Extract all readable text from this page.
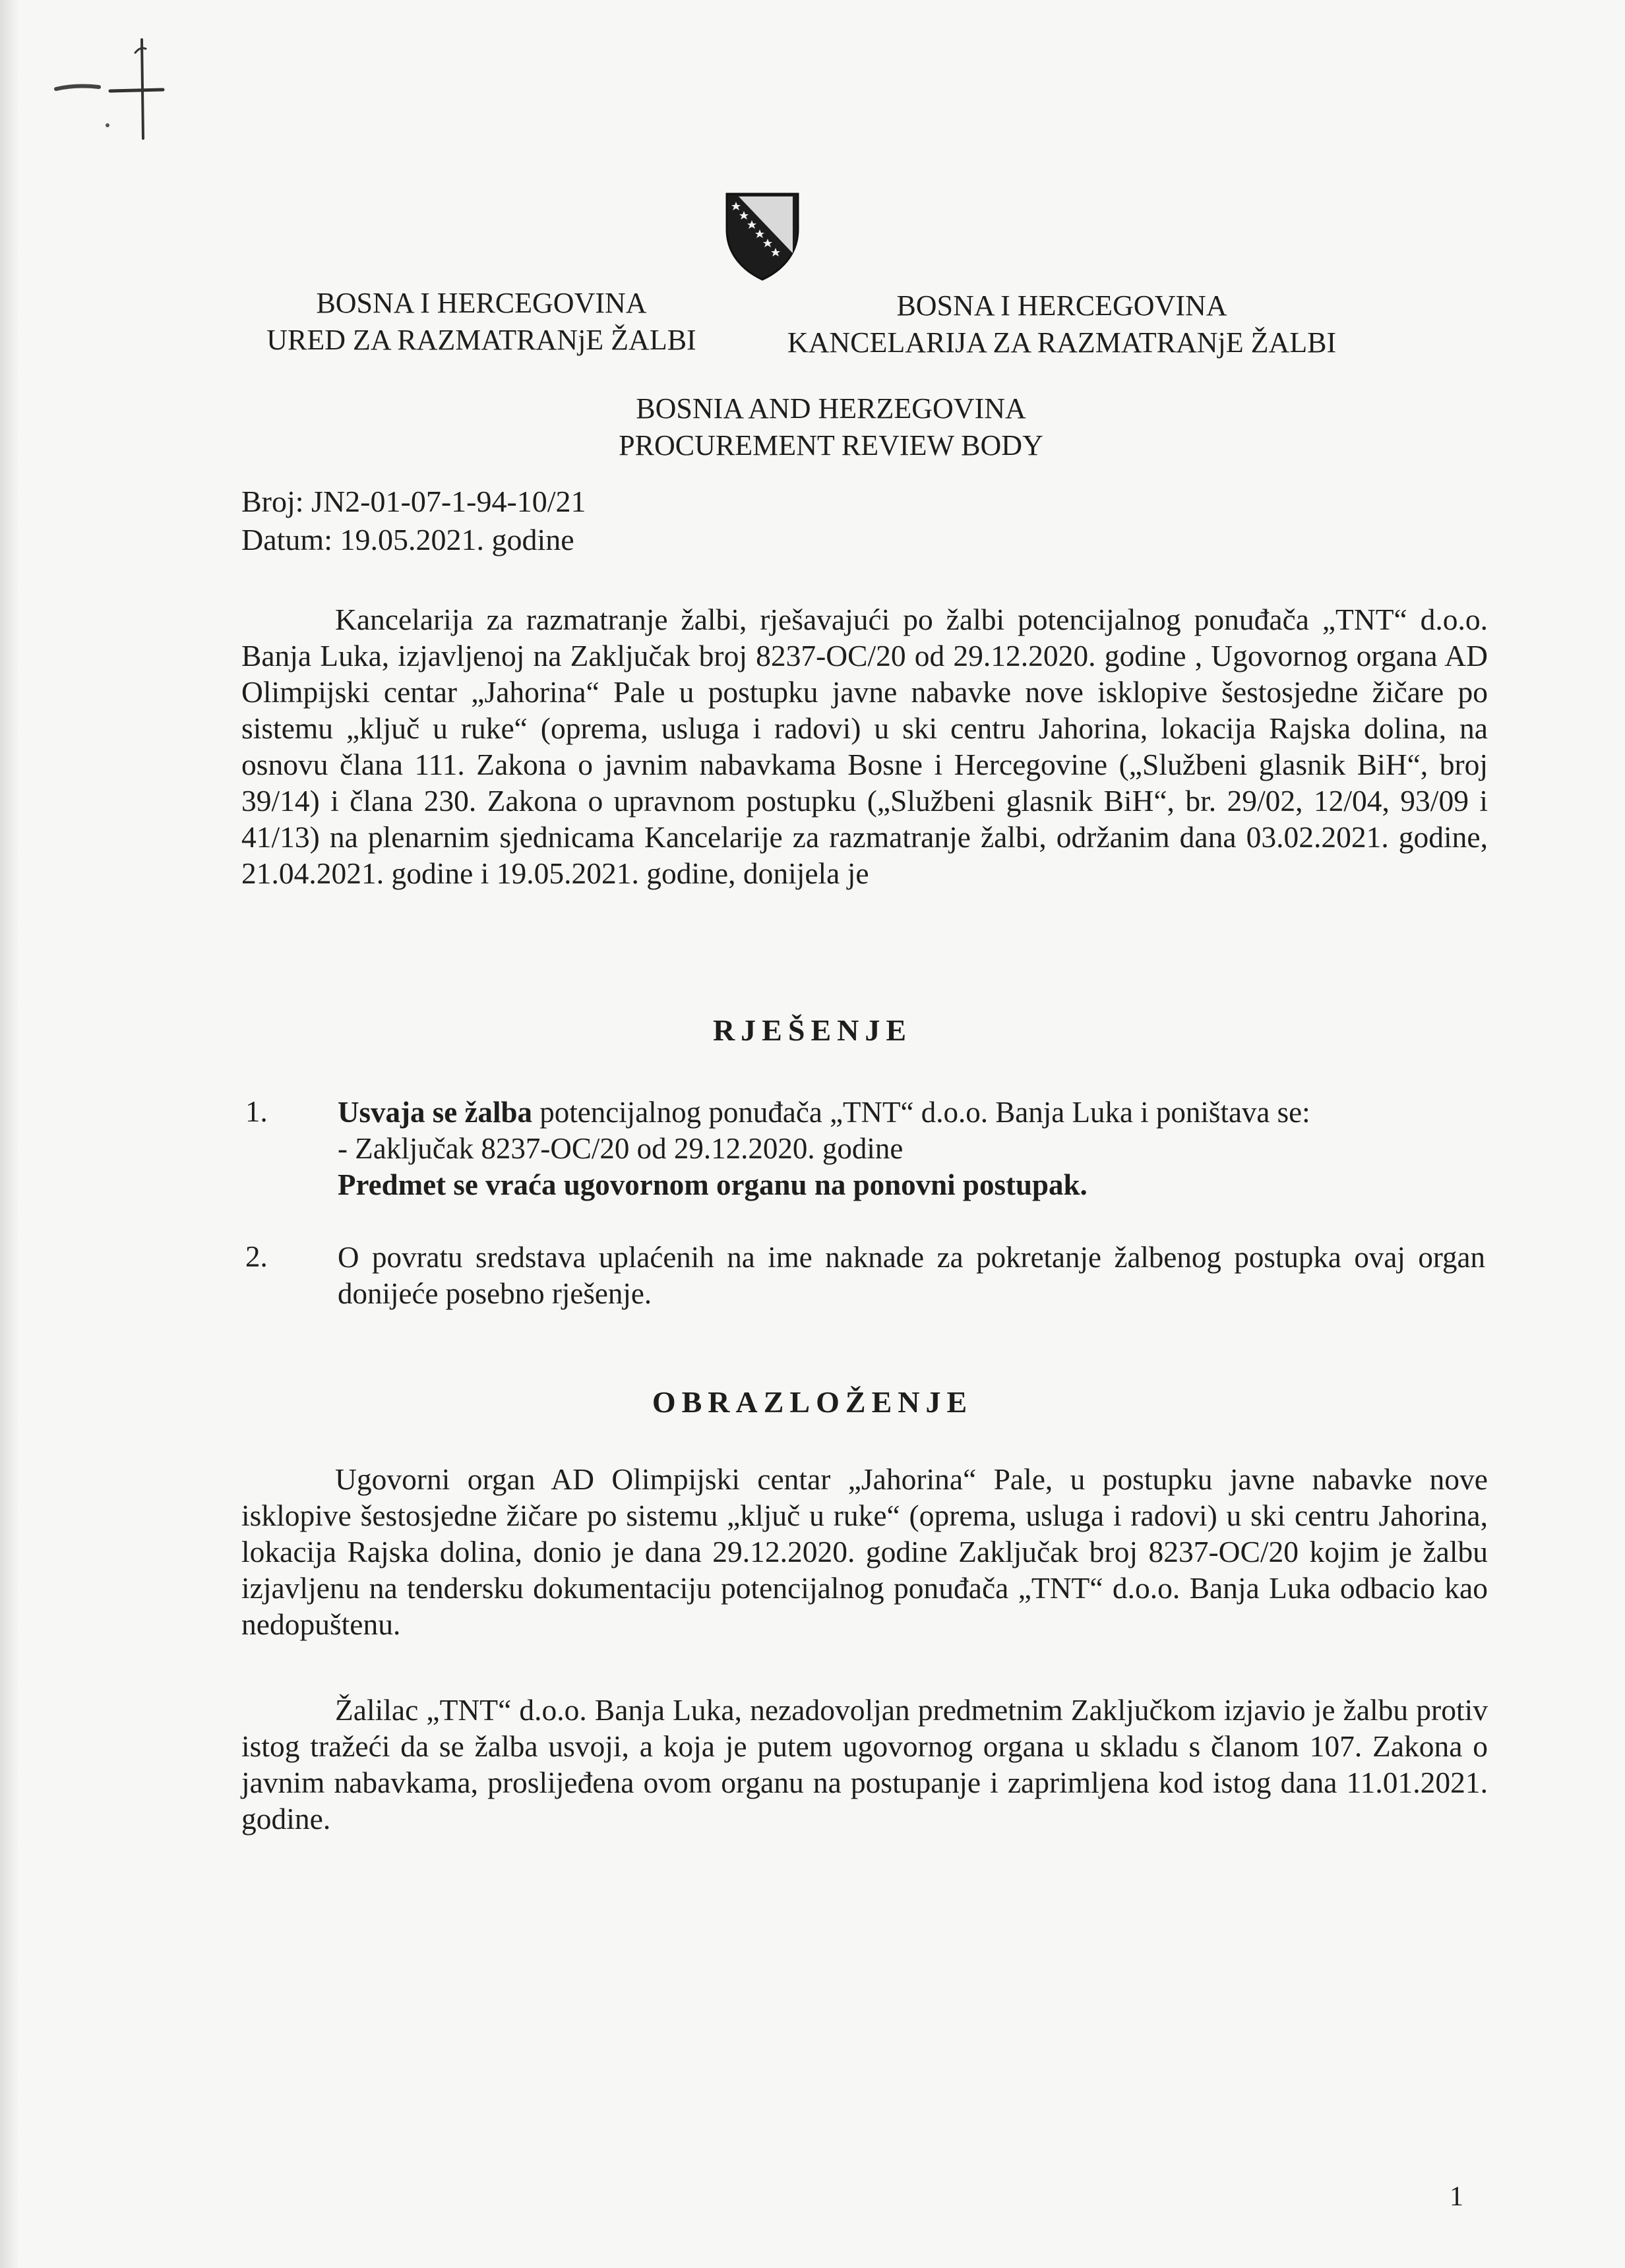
BOSNA I HERCEGOVINA
URED ZA RAZMATRANjE ŽALBI
BOSNA I HERCEGOVINA
KANCELARIJA ZA RAZMATRANjE ŽALBI
BOSNIA AND HERZEGOVINA
PROCUREMENT REVIEW BODY
Broj: JN2-01-07-1-94-10/21
Datum: 19.05.2021. godine

Kancelarija za razmatranje žalbi, rješavajući po žalbi potencijalnog ponuđača „TNT“ d.o.o. Banja Luka, izjavljenoj na Zaključak broj 8237-OC/20 od 29.12.2020. godine , Ugovornog organa AD Olimpijski centar „Jahorina“ Pale u postupku javne nabavke nove isklopive šestosjedne žičare po sistemu „ključ u ruke“ (oprema, usluga i radovi) u ski centru Jahorina, lokacija Rajska dolina, na osnovu člana 111. Zakona o javnim nabavkama Bosne i Hercegovine („Službeni glasnik BiH“, broj 39/14) i člana 230. Zakona o upravnom postupku („Službeni glasnik BiH“, br. 29/02, 12/04, 93/09 i 41/13) na plenarnim sjednicama Kancelarije za razmatranje žalbi, održanim dana 03.02.2021. godine, 21.04.2021. godine i 19.05.2021. godine, donijela je

RJEŠENJE
1. Usvaja se žalba potencijalnog ponuđača „TNT“ d.o.o. Banja Luka i poništava se:
- Zaključak 8237-OC/20 od 29.12.2020. godine
Predmet se vraća ugovornom organu na ponovni postupak.
2. O povratu sredstava uplaćenih na ime naknade za pokretanje žalbenog postupka ovaj organ donijeće posebno rješenje.
OBRAZLOŽENJE

Ugovorni organ AD Olimpijski centar „Jahorina“ Pale, u postupku javne nabavke nove isklopive šestosjedne žičare po sistemu „ključ u ruke“ (oprema, usluga i radovi) u ski centru Jahorina, lokacija Rajska dolina, donio je dana 29.12.2020. godine Zaključak broj 8237-OC/20 kojim je žalbu izjavljenu na tendersku dokumentaciju potencijalnog ponuđača „TNT“ d.o.o. Banja Luka odbacio kao nedopuštenu.

Žalilac „TNT“ d.o.o. Banja Luka, nezadovoljan predmetnim Zaključkom izjavio je žalbu protiv istog tražeći da se žalba usvoji, a koja je putem ugovornog organa u skladu s članom 107. Zakona o javnim nabavkama, proslijeđena ovom organu na postupanje i zaprimljena kod istog dana 11.01.2021. godine.

1
